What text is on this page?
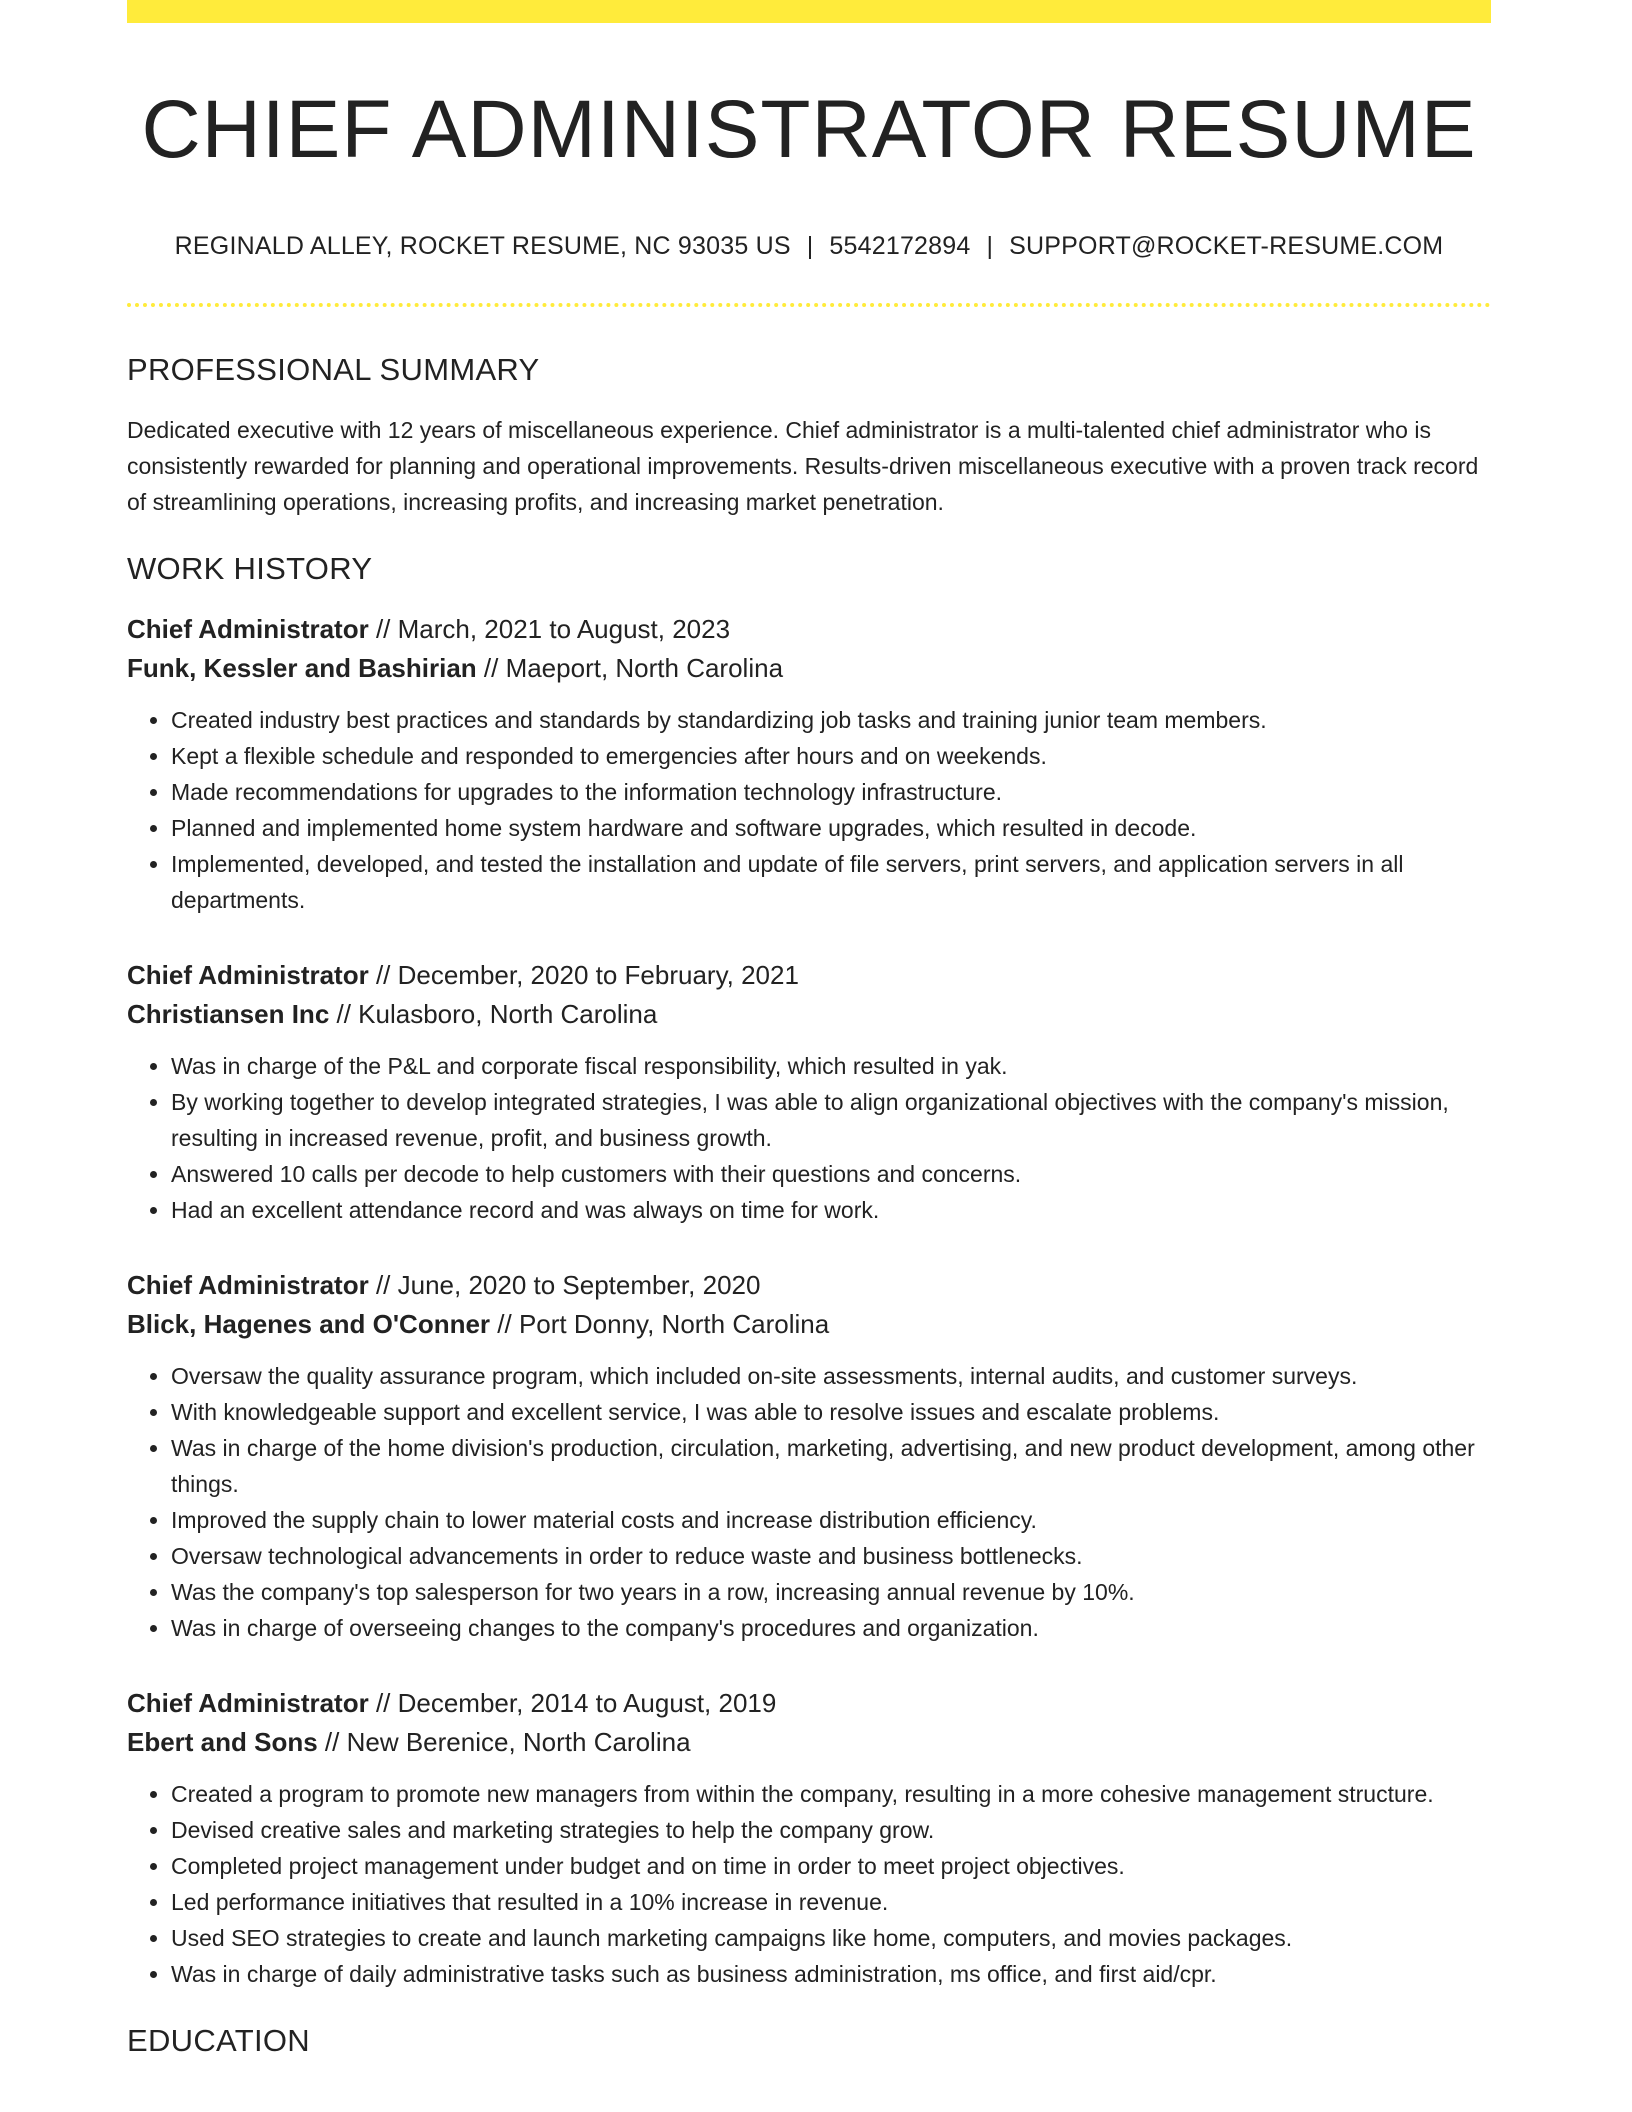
CHIEF ADMINISTRATOR RESUME
REGINALD ALLEY, ROCKET RESUME, NC 93035 US | 5542172894 | SUPPORT@ROCKET-RESUME.COM
PROFESSIONAL SUMMARY

Dedicated executive with 12 years of miscellaneous experience. Chief administrator is a multi-talented chief administrator who is consistently rewarded for planning and operational improvements. Results-driven miscellaneous executive with a proven track record of streamlining operations, increasing profits, and increasing market penetration.

WORK HISTORY
Chief Administrator // March, 2021 to August, 2023
Funk, Kessler and Bashirian // Maeport, North Carolina
• Created industry best practices and standards by standardizing job tasks and training junior team members.
• Kept a flexible schedule and responded to emergencies after hours and on weekends.
• Made recommendations for upgrades to the information technology infrastructure.
• Planned and implemented home system hardware and software upgrades, which resulted in decode.
• Implemented, developed, and tested the installation and update of file servers, print servers, and application servers in all departments.
Chief Administrator // December, 2020 to February, 2021
Christiansen Inc // Kulasboro, North Carolina
• Was in charge of the P&L and corporate fiscal responsibility, which resulted in yak.
• By working together to develop integrated strategies, I was able to align organizational objectives with the company's mission, resulting in increased revenue, profit, and business growth.
• Answered 10 calls per decode to help customers with their questions and concerns.
• Had an excellent attendance record and was always on time for work.
Chief Administrator // June, 2020 to September, 2020
Blick, Hagenes and O'Conner // Port Donny, North Carolina
• Oversaw the quality assurance program, which included on-site assessments, internal audits, and customer surveys.
• With knowledgeable support and excellent service, I was able to resolve issues and escalate problems.
• Was in charge of the home division's production, circulation, marketing, advertising, and new product development, among other things.
• Improved the supply chain to lower material costs and increase distribution efficiency.
• Oversaw technological advancements in order to reduce waste and business bottlenecks.
• Was the company's top salesperson for two years in a row, increasing annual revenue by 10%.
• Was in charge of overseeing changes to the company's procedures and organization.
Chief Administrator // December, 2014 to August, 2019
Ebert and Sons // New Berenice, North Carolina
• Created a program to promote new managers from within the company, resulting in a more cohesive management structure.
• Devised creative sales and marketing strategies to help the company grow.
• Completed project management under budget and on time in order to meet project objectives.
• Led performance initiatives that resulted in a 10% increase in revenue.
• Used SEO strategies to create and launch marketing campaigns like home, computers, and movies packages.
• Was in charge of daily administrative tasks such as business administration, ms office, and first aid/cpr.
EDUCATION
